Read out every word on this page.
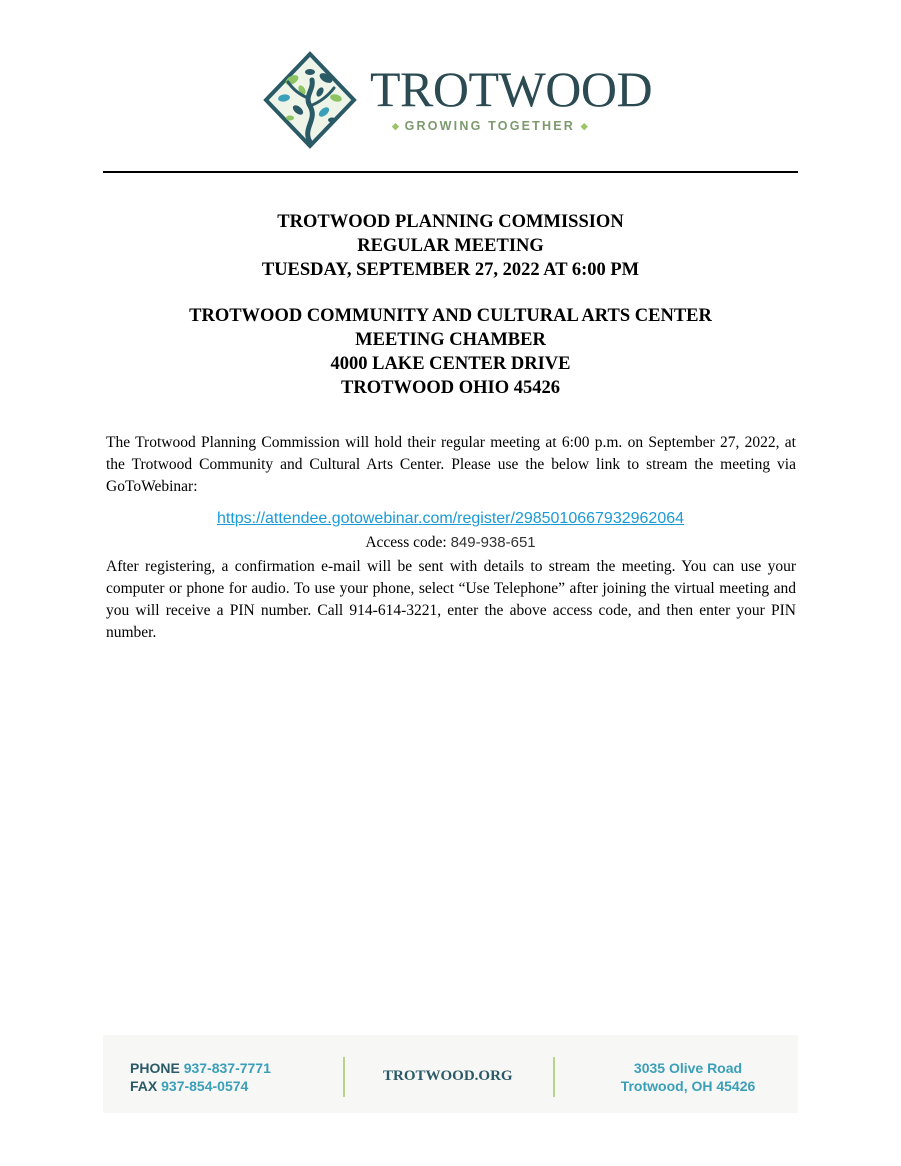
TROTWOOD
◆ GROWING TOGETHER ◆
TROTWOOD PLANNING COMMISSION
REGULAR MEETING
TUESDAY, SEPTEMBER 27, 2022 AT 6:00 PM
TROTWOOD COMMUNITY AND CULTURAL ARTS CENTER
MEETING CHAMBER
4000 LAKE CENTER DRIVE
TROTWOOD OHIO 45426
The Trotwood Planning Commission will hold their regular meeting at 6:00 p.m. on September 27, 2022, at the Trotwood Community and Cultural Arts Center. Please use the below link to stream the meeting via GoToWebinar:
https://attendee.gotowebinar.com/register/2985010667932962064
Access code: 849-938-651
After registering, a confirmation e-mail will be sent with details to stream the meeting. You can use your computer or phone for audio. To use your phone, select “Use Telephone” after joining the virtual meeting and you will receive a PIN number. Call 914-614-3221, enter the above access code, and then enter your PIN number.
PHONE 937-837-7771
FAX 937-854-0574
TROTWOOD.ORG	3035 Olive Road
Trotwood, OH 45426
